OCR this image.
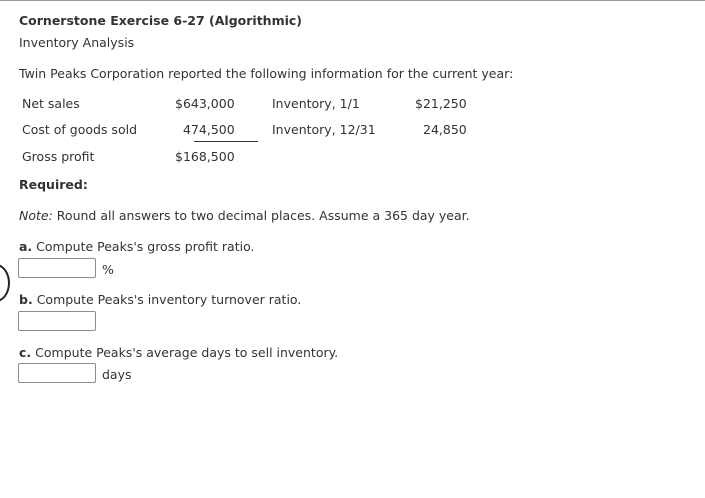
Cornerstone Exercise 6-27 (Algorithmic)
Inventory Analysis
Twin Peaks Corporation reported the following information for the current year:
Net sales	$643,000	Inventory, 1/1	$21,250
Cost of goods sold	474,500	Inventory, 12/31	24,850
Gross profit	$168,500
Required:
Note: Round all answers to two decimal places. Assume a 365 day year.
a. Compute Peaks's gross profit ratio.
%
b. Compute Peaks's inventory turnover ratio.
c. Compute Peaks's average days to sell inventory.
days
